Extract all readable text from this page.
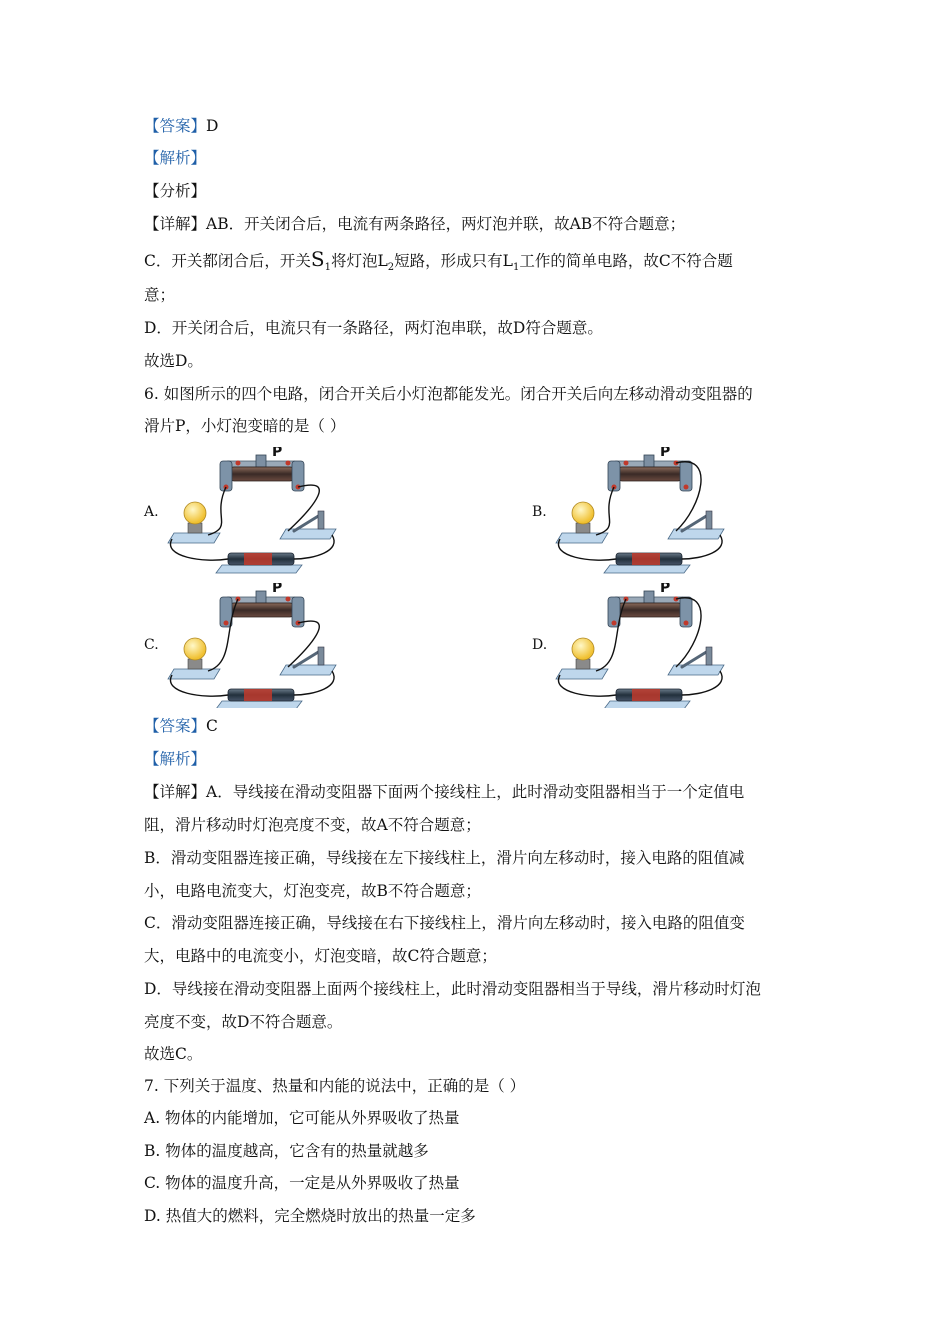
【答案】D
【解析】
【分析】
【详解】AB．开关闭合后，电流有两条路径，两灯泡并联，故AB不符合题意；
C．开关都闭合后，开关$S_1$将灯泡$L_2$短路，形成只有$L_1$工作的简单电路，故C不符合题
意；
D．开关闭合后，电流只有一条路径，两灯泡串联，故D符合题意。
故选D。
6. 如图所示的四个电路，闭合开关后小灯泡都能发光。闭合开关后向左移动滑动变阻器的
滑片P，小灯泡变暗的是（ ）
A.	B.
C.	D.
P	P
P	P
【答案】C
【解析】
【详解】A．导线接在滑动变阻器下面两个接线柱上，此时滑动变阻器相当于一个定值电
阻，滑片移动时灯泡亮度不变，故A不符合题意；
B．滑动变阻器连接正确，导线接在左下接线柱上，滑片向左移动时，接入电路的阻值减
小，电路电流变大，灯泡变亮，故B不符合题意；
C．滑动变阻器连接正确，导线接在右下接线柱上，滑片向左移动时，接入电路的阻值变
大，电路中的电流变小，灯泡变暗，故C符合题意；
D．导线接在滑动变阻器上面两个接线柱上，此时滑动变阻器相当于导线，滑片移动时灯泡
亮度不变，故D不符合题意。
故选C。
7. 下列关于温度、热量和内能的说法中，正确的是（ ）
A. 物体的内能增加，它可能从外界吸收了热量
B. 物体的温度越高，它含有的热量就越多
C. 物体的温度升高，一定是从外界吸收了热量
D. 热值大的燃料，完全燃烧时放出的热量一定多
